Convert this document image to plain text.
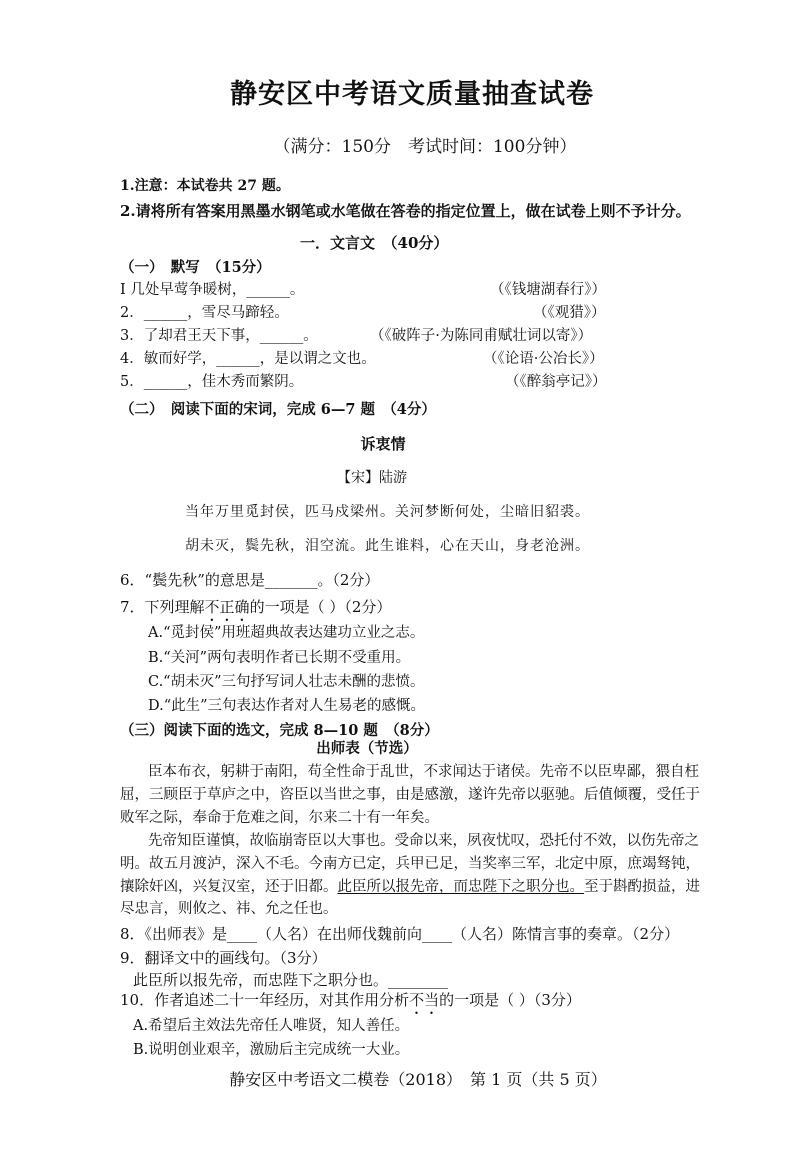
静安区中考语文质量抽查试卷
（满分：150分　考试时间：100分钟）
1.注意：本试卷共 27 题。
2.请将所有答案用黑墨水钢笔或水笔做在答卷的指定位置上，做在试卷上则不予计分。
一．文言文　（40分）
（一）　默写　（15分）
I 几处早莺争暖树，______。	（《钱塘湖春行》）
2．______，雪尽马蹄轻。	（《观猎》）
3．了却君王天下事，______。	（《破阵子·为陈同甫赋壮词以寄》）
4．敏而好学，______，是以谓之文也。	（《论语·公冶长》）
5．______，佳木秀而繁阴。	（《醉翁亭记》）
（二）　阅读下面的宋词，完成 6—7 题　（4分）
诉衷情
【宋】陆游
当年万里觅封侯，匹马戍梁州。关河梦断何处，尘暗旧貂裘。
胡未灭，鬓先秋，泪空流。此生谁料，心在天山，身老沧洲。
6．“鬓先秋”的意思是_______。（2分）
7．下列理解不正确的一项是（ ）（2分）
A.“觅封侯”用班超典故表达建功立业之志。
B.“关河”两句表明作者已长期不受重用。
C.“胡未灭”三句抒写词人壮志未酬的悲愤。
D.“此生”三句表达作者对人生易老的感慨。
（三）阅读下面的选文，完成 8—10 题　（8分）
出师表（节选）
臣本布衣，躬耕于南阳，苟全性命于乱世，不求闻达于诸侯。先帝不以臣卑鄙，猥自枉
屈，三顾臣于草庐之中，咨臣以当世之事，由是感激，遂许先帝以驱驰。后值倾覆，受任于
败军之际，奉命于危难之间，尔来二十有一年矣。
先帝知臣谨慎，故临崩寄臣以大事也。受命以来，夙夜忧叹，恐托付不效，以伤先帝之
明。故五月渡泸，深入不毛。今南方已定，兵甲已足，当奖率三军，北定中原，庶竭驽钝，
攘除奸凶，兴复汉室，还于旧都。此臣所以报先帝，而忠陛下之职分也。至于斟酌损益，进
尽忠言，则攸之、祎、允之任也。
8．《出师表》是____（人名）在出师伐魏前向____（人名）陈情言事的奏章。（2分）
9．翻译文中的画线句。（3分）
此臣所以报先帝，而忠陛下之职分也。________
10．作者追述二十一年经历，对其作用分析不当的一项是（ ）（3分）
A.希望后主效法先帝任人唯贤，知人善任。
B.说明创业艰辛，激励后主完成统一大业。
静安区中考语文二模卷（2018）　第 1 页（共 5 页）
